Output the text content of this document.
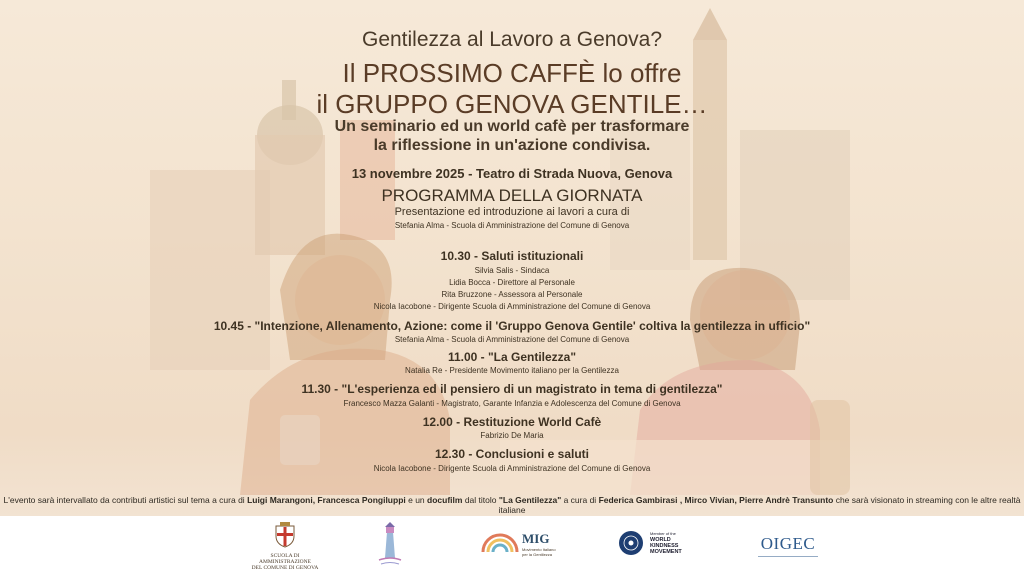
Gentilezza al Lavoro a Genova?
Il PROSSIMO CAFFÈ lo offre
il GRUPPO GENOVA GENTILE…
Un seminario ed un world cafè per trasformare
la riflessione in un'azione condivisa.
13 novembre 2025 - Teatro di Strada Nuova, Genova
PROGRAMMA DELLA GIORNATA
Presentazione ed introduzione ai lavori a cura di
Stefania Alma - Scuola di Amministrazione del Comune di Genova
10.30 - Saluti istituzionali
Silvia Salis - Sindaca
Lidia Bocca - Direttore al Personale
Rita Bruzzone - Assessora al Personale
Nicola Iacobone - Dirigente Scuola di Amministrazione del Comune di Genova
10.45 - "Intenzione, Allenamento, Azione: come il 'Gruppo Genova Gentile' coltiva la gentilezza in ufficio"
Stefania Alma - Scuola di Amministrazione del Comune di Genova
11.00 - "La Gentilezza"
Natalia Re - Presidente Movimento italiano per la Gentilezza
11.30 - "L'esperienza ed il pensiero di un magistrato in tema di gentilezza"
Francesco Mazza Galanti - Magistrato, Garante Infanzia e Adolescenza del Comune di Genova
12.00 - Restituzione World Cafè
Fabrizio De Maria
12.30 - Conclusioni e saluti
Nicola Iacobone - Dirigente Scuola di Amministrazione del Comune di Genova
L'evento sarà intervallato da contributi artistici sul tema a cura di Luigi Marangoni, Francesca Pongiluppi e un docufilm dal titolo "La Gentilezza" a cura di Federica Gambirasi , Mirco Vivian, Pierre Andrè Transunto che sarà visionato in streaming con le altre realtà italiane
SCUOLA DI AMMINISTRAZIONE
DEL COMUNE DI GENOVA
MIG
Movimento Italiano per la Gentilezza
Member of the
WORLD
KINDNESS
MOVEMENT	OIGEC
